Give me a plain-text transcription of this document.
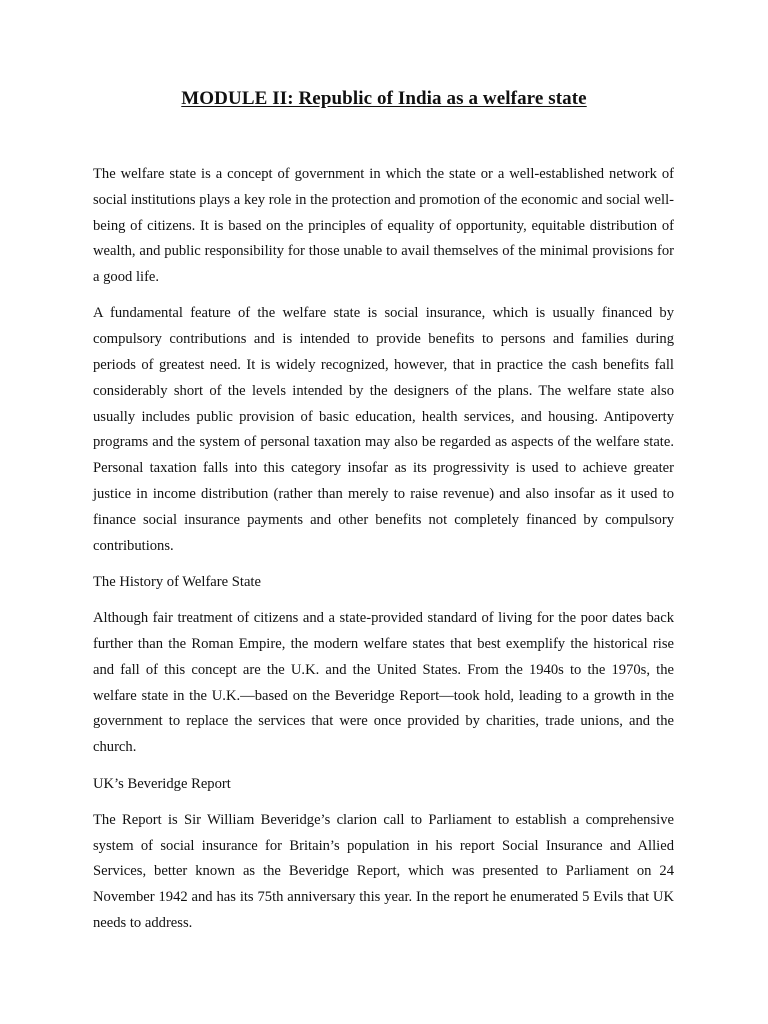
MODULE II: Republic of India as a welfare state

The welfare state is a concept of government in which the state or a well-established network of social institutions plays a key role in the protection and promotion of the economic and social well-being of citizens. It is based on the principles of equality of opportunity, equitable distribution of wealth, and public responsibility for those unable to avail themselves of the minimal provisions for a good life.

A fundamental feature of the welfare state is social insurance, which is usually financed by compulsory contributions and is intended to provide benefits to persons and families during periods of greatest need. It is widely recognized, however, that in practice the cash benefits fall considerably short of the levels intended by the designers of the plans. The welfare state also usually includes public provision of basic education, health services, and housing. Antipoverty programs and the system of personal taxation may also be regarded as aspects of the welfare state. Personal taxation falls into this category insofar as its progressivity is used to achieve greater justice in income distribution (rather than merely to raise revenue) and also insofar as it used to finance social insurance payments and other benefits not completely financed by compulsory contributions.

The History of Welfare State

Although fair treatment of citizens and a state-provided standard of living for the poor dates back further than the Roman Empire, the modern welfare states that best exemplify the historical rise and fall of this concept are the U.K. and the United States. From the 1940s to the 1970s, the welfare state in the U.K.—based on the Beveridge Report—took hold, leading to a growth in the government to replace the services that were once provided by charities, trade unions, and the church.

UK’s Beveridge Report

The Report is Sir William Beveridge’s clarion call to Parliament to establish a comprehensive system of social insurance for Britain’s population in his report Social Insurance and Allied Services, better known as the Beveridge Report, which was presented to Parliament on 24 November 1942 and has its 75th anniversary this year. In the report he enumerated 5 Evils that UK needs to address.
